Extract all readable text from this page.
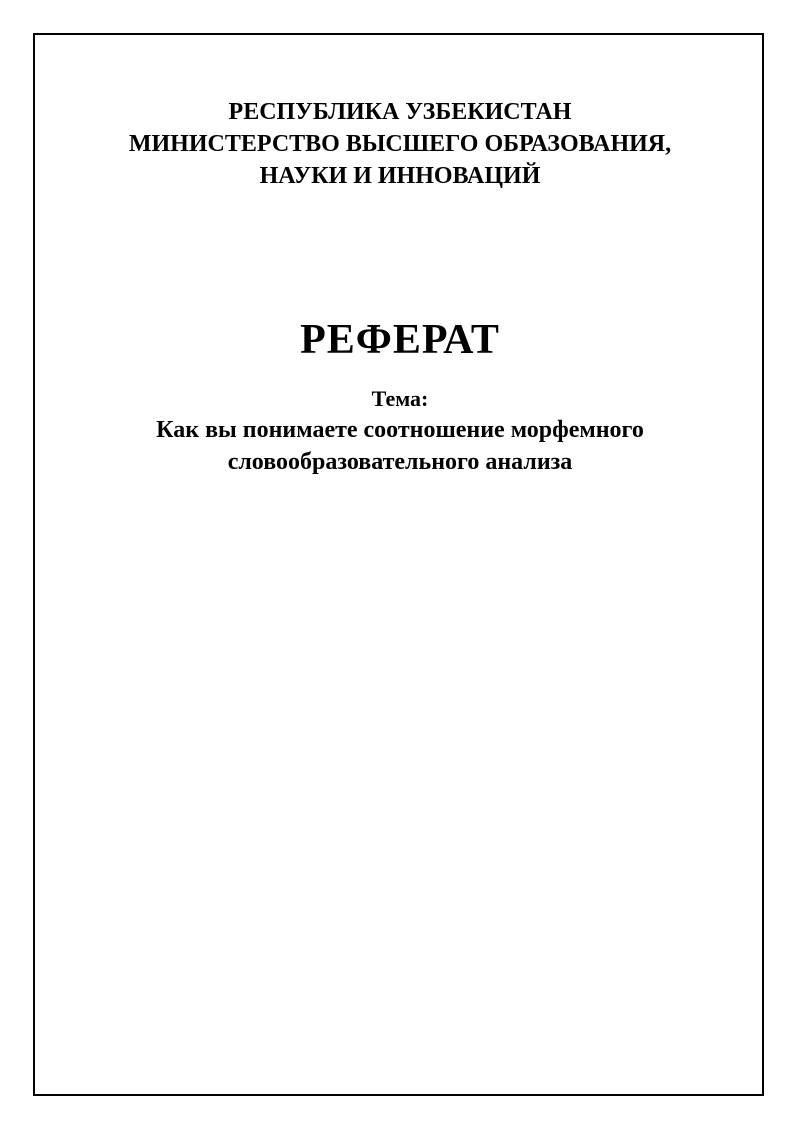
РЕСПУБЛИКА УЗБЕКИСТАН
МИНИСТЕРСТВО ВЫСШЕГО ОБРАЗОВАНИЯ,
НАУКИ И ИННОВАЦИЙ
РЕФЕРАТ
Тема:
Как вы понимаете соотношение морфемного
словообразовательного анализа
